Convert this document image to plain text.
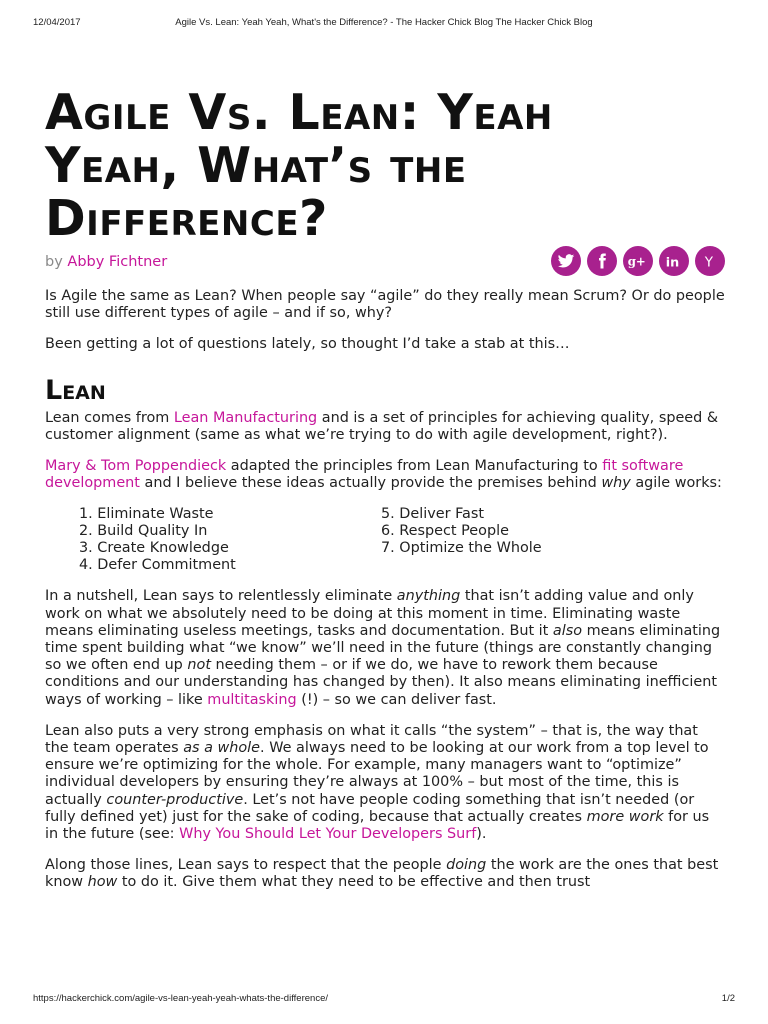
12/04/2017	Agile Vs. Lean: Yeah Yeah, What's the Difference? - The Hacker Chick Blog The Hacker Chick Blog
Agile Vs. Lean: Yeah
Yeah, What’s the
Difference?
by Abby Fichtner	g+ in Y

Is Agile the same as Lean? When people say “agile” do they really mean Scrum? Or do people still use different types of agile – and if so, why?

Been getting a lot of questions lately, so thought I’d take a stab at this…

Lean

Lean comes from Lean Manufacturing and is a set of principles for achieving quality, speed & customer alignment (same as what we’re trying to do with agile development, right?).

Mary & Tom Poppendieck adapted the principles from Lean Manufacturing to fit software development and I believe these ideas actually provide the premises behind why agile works:

1. Eliminate Waste
2. Build Quality In
3. Create Knowledge
4. Defer Commitment
5. Deliver Fast
6. Respect People
7. Optimize the Whole

In a nutshell, Lean says to relentlessly eliminate anything that isn’t adding value and only work on what we absolutely need to be doing at this moment in time. Eliminating waste means eliminating useless meetings, tasks and documentation. But it also means eliminating time spent building what “we know” we’ll need in the future (things are constantly changing so we often end up not needing them – or if we do, we have to rework them because conditions and our understanding has changed by then). It also means eliminating inefficient ways of working – like multitasking (!) – so we can deliver fast.

Lean also puts a very strong emphasis on what it calls “the system” – that is, the way that the team operates as a whole. We always need to be looking at our work from a top level to ensure we’re optimizing for the whole. For example, many managers want to “optimize” individual developers by ensuring they’re always at 100% – but most of the time, this is actually counter-productive. Let’s not have people coding something that isn’t needed (or fully defined yet) just for the sake of coding, because that actually creates more work for us in the future (see: Why You Should Let Your Developers Surf).

Along those lines, Lean says to respect that the people doing the work are the ones that best know how to do it. Give them what they need to be effective and then trust

https://hackerchick.com/agile-vs-lean-yeah-yeah-whats-the-difference/	1/2
